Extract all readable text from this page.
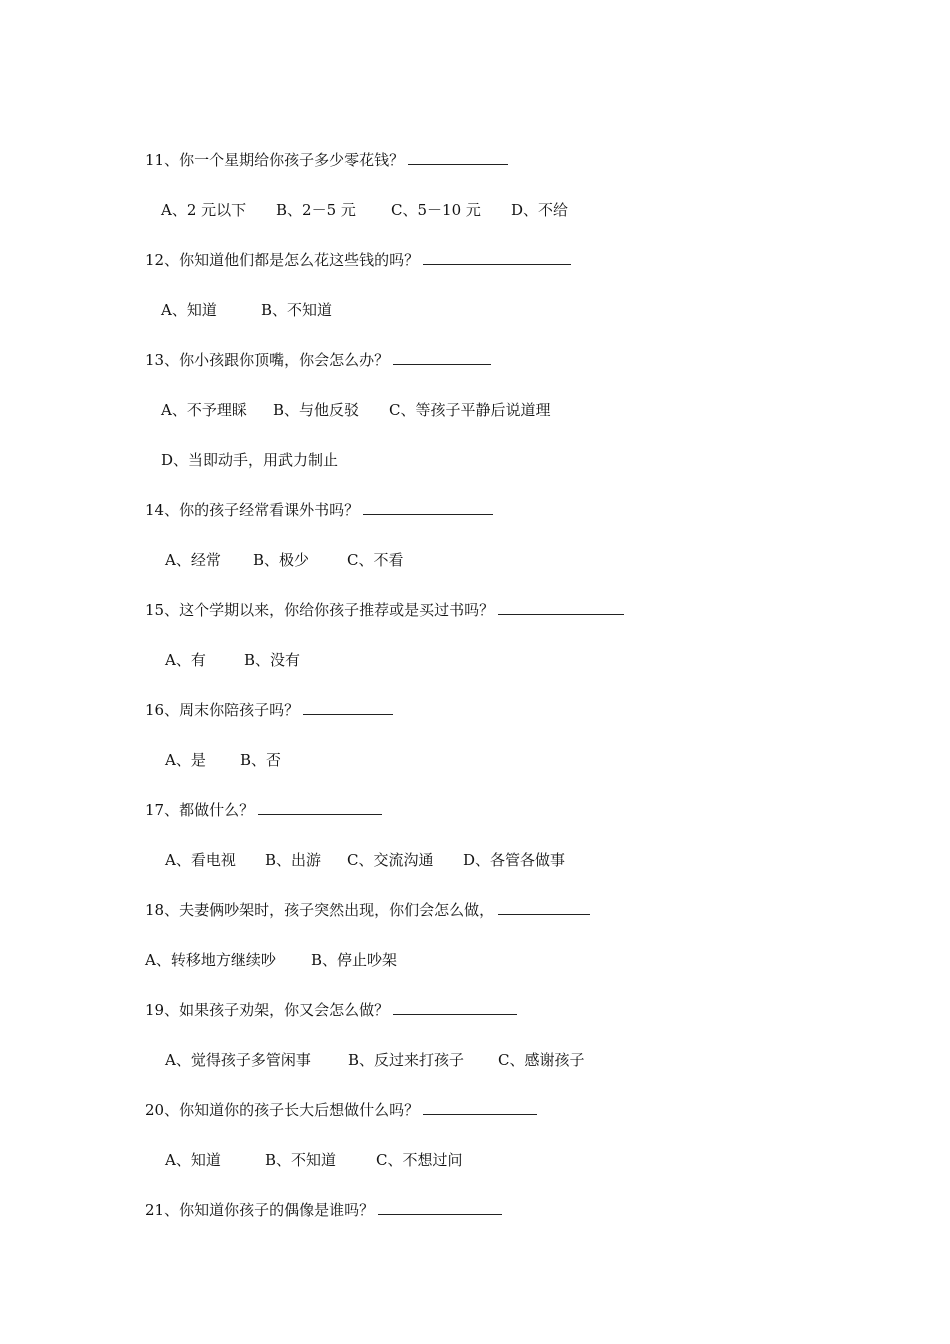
11、你一个星期给你孩子多少零花钱？
A、2 元以下 B、2－5 元 C、5－10 元 D、不给
12、你知道他们都是怎么花这些钱的吗？
A、知道	B、不知道
13、你小孩跟你顶嘴，你会怎么办？
A、不予理睬 B、与他反驳 C、等孩子平静后说道理
D、当即动手，用武力制止
14、你的孩子经常看课外书吗？
A、经常 B、极少	C、不看
15、这个学期以来，你给你孩子推荐或是买过书吗？
A、有	B、没有
16、周末你陪孩子吗？
A、是 B、否
17、都做什么？
A、看电视 B、出游 C、交流沟通 D、各管各做事
18、夫妻俩吵架时，孩子突然出现，你们会怎么做，
A、转移地方继续吵 B、停止吵架
19、如果孩子劝架，你又会怎么做？
A、觉得孩子多管闲事 B、反过来打孩子 C、感谢孩子
20、你知道你的孩子长大后想做什么吗？
A、知道	B、不知道	C、不想过问
21、你知道你孩子的偶像是谁吗？
